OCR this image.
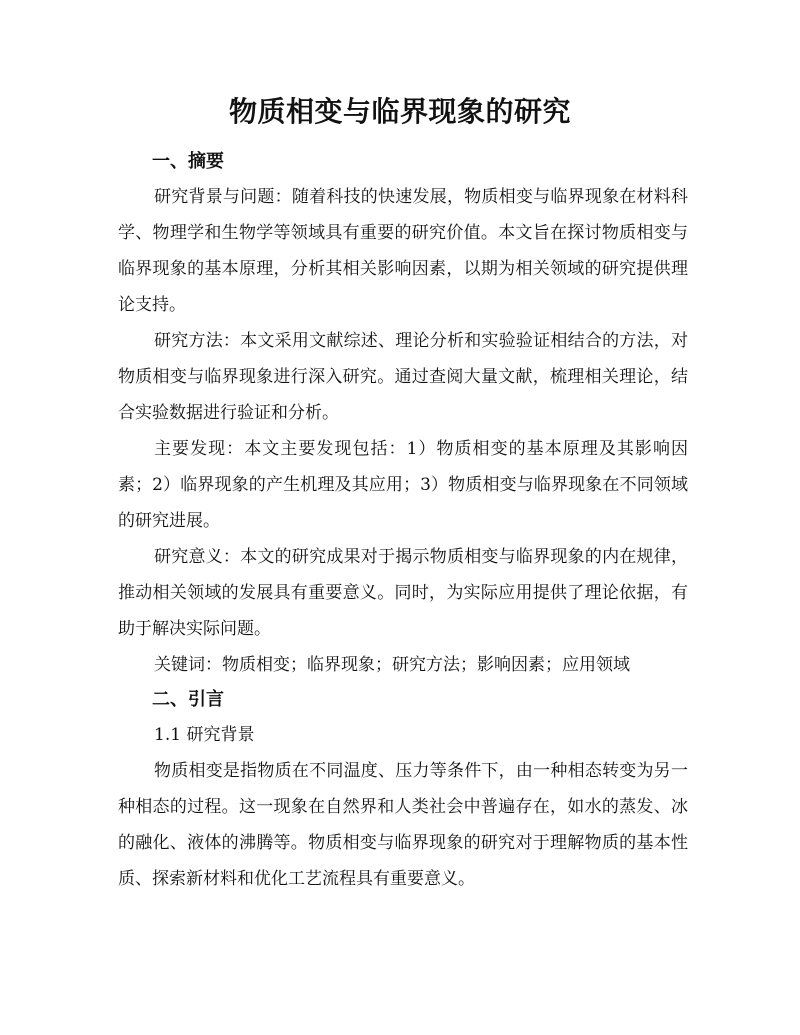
物质相变与临界现象的研究
一、摘要

研究背景与问题：随着科技的快速发展，物质相变与临界现象在材料科学、物理学和生物学等领域具有重要的研究价值。本文旨在探讨物质相变与临界现象的基本原理，分析其相关影响因素，以期为相关领域的研究提供理论支持。

研究方法：本文采用文献综述、理论分析和实验验证相结合的方法，对物质相变与临界现象进行深入研究。通过查阅大量文献，梳理相关理论，结合实验数据进行验证和分析。

主要发现：本文主要发现包括：1）物质相变的基本原理及其影响因素；2）临界现象的产生机理及其应用；3）物质相变与临界现象在不同领域的研究进展。

研究意义：本文的研究成果对于揭示物质相变与临界现象的内在规律，推动相关领域的发展具有重要意义。同时，为实际应用提供了理论依据，有助于解决实际问题。

关键词：物质相变；临界现象；研究方法；影响因素；应用领域

二、引言

1.1 研究背景

物质相变是指物质在不同温度、压力等条件下，由一种相态转变为另一种相态的过程。这一现象在自然界和人类社会中普遍存在，如水的蒸发、冰的融化、液体的沸腾等。物质相变与临界现象的研究对于理解物质的基本性质、探索新材料和优化工艺流程具有重要意义。
